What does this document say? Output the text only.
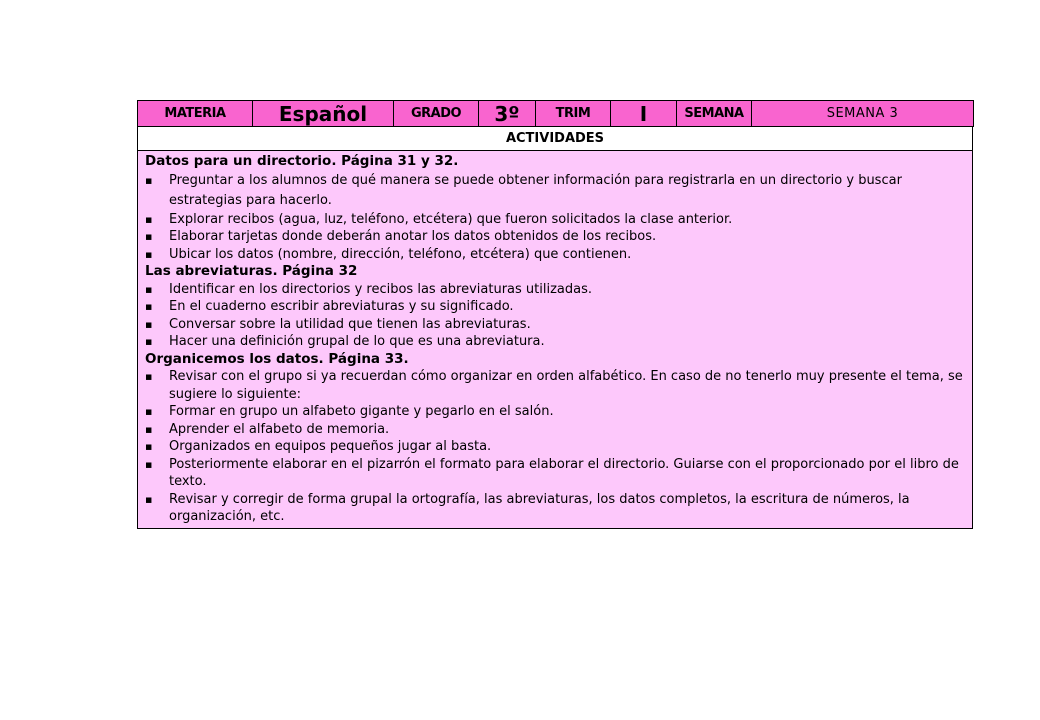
MATERIA	Español	GRADO	3º	TRIM	I	SEMANA	SEMANA 3
ACTIVIDADES
Datos para un directorio. Página 31 y 32.
▪ Preguntar a los alumnos de qué manera se puede obtener información para registrarla en un directorio y buscar estrategias para hacerlo.
▪ Explorar recibos (agua, luz, teléfono, etcétera) que fueron solicitados la clase anterior.
▪ Elaborar tarjetas donde deberán anotar los datos obtenidos de los recibos.
▪ Ubicar los datos (nombre, dirección, teléfono, etcétera) que contienen.
Las abreviaturas. Página 32
▪ Identificar en los directorios y recibos las abreviaturas utilizadas.
▪ En el cuaderno escribir abreviaturas y su significado.
▪ Conversar sobre la utilidad que tienen las abreviaturas.
▪ Hacer una definición grupal de lo que es una abreviatura.
Organicemos los datos. Página 33.
▪ Revisar con el grupo si ya recuerdan cómo organizar en orden alfabético. En caso de no tenerlo muy presente el tema, se sugiere lo siguiente:
▪ Formar en grupo un alfabeto gigante y pegarlo en el salón.
▪ Aprender el alfabeto de memoria.
▪ Organizados en equipos pequeños jugar al basta.
▪ Posteriormente elaborar en el pizarrón el formato para elaborar el directorio. Guiarse con el proporcionado por el libro de texto.
▪ Revisar y corregir de forma grupal la ortografía, las abreviaturas, los datos completos, la escritura de números, la organización, etc.
